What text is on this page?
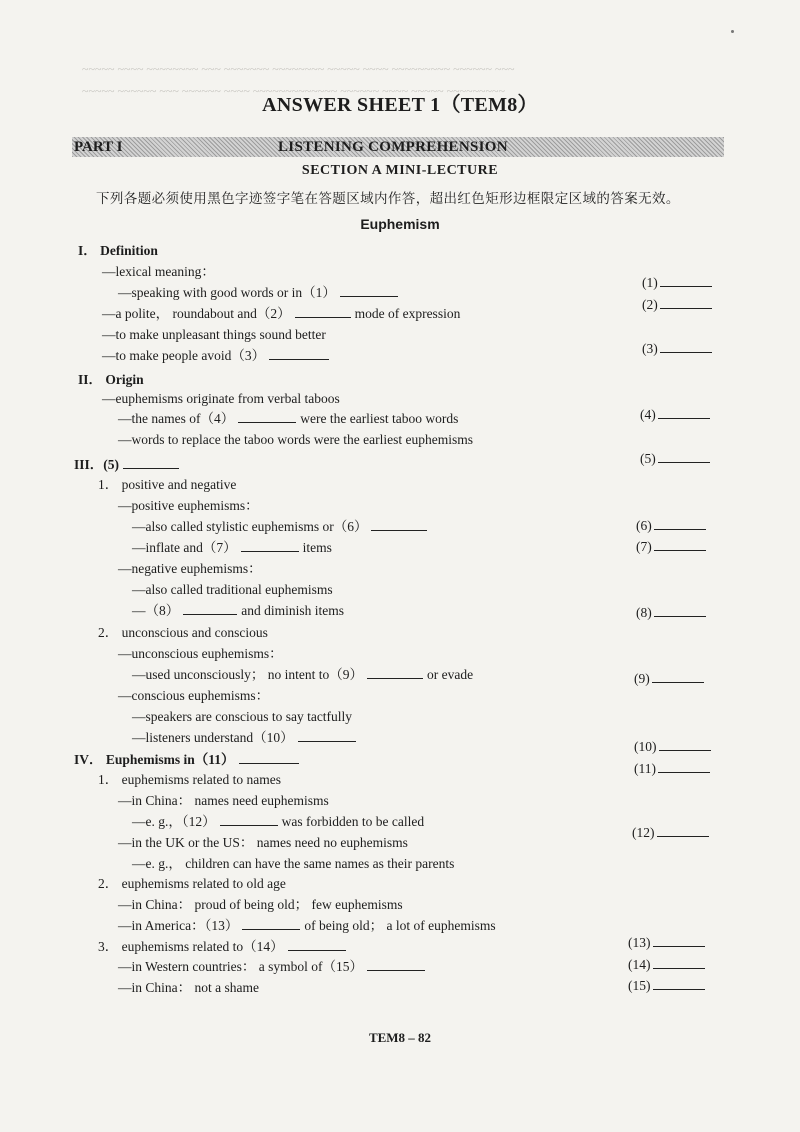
~~~~~ ~~~~ ~~~~~~~~ ~~~ ~~~~~~~ ~~~~~~~~ ~~~~~ ~~~~ ~~~~~~~~~ ~~~~~~ ~~~
~~~~~ ~~~~~~ ~~~ ~~~~~~ ~~~~ ~~~~~~~~~~~~~ ~~~~~~ ~~~~ ~~~~~ ~~~~~~~~~
ANSWER SHEET 1（TEM8）
PART I	LISTENING COMPREHENSION
SECTION A MINI-LECTURE
下列各题必须使用黑色字迹签字笔在答题区域内作答，超出红色矩形边框限定区域的答案无效。
Euphemism
I． Definition
—lexical meaning：
—speaking with good words or in（1）
—a polite， roundabout and（2）	mode of expression
—to make unpleasant things sound better
—to make people avoid（3）
II． Origin
—euphemisms originate from verbal taboos
—the names of（4）	were the earliest taboo words
—words to replace the taboo words were the earliest euphemisms
III．(5)
1． positive and negative
—positive euphemisms：
—also called stylistic euphemisms or（6）
—inflate and（7）	items
—negative euphemisms：
—also called traditional euphemisms
—（8）	and diminish items
2． unconscious and conscious
—unconscious euphemisms：
—used unconsciously； no intent to（9）	or evade
—conscious euphemisms：
—speakers are conscious to say tactfully
—listeners understand（10）
IV． Euphemisms in（11）
1． euphemisms related to names
—in China： names need euphemisms
—e. g.，（12）	was forbidden to be called
—in the UK or the US： names need no euphemisms
—e. g.， children can have the same names as their parents
2． euphemisms related to old age
—in China： proud of being old； few euphemisms
—in America：（13）	of being old； a lot of euphemisms
3． euphemisms related to（14）
—in Western countries： a symbol of（15）
—in China： not a shame
(1)
(2)
(3)
(4)
(5)
(6)
(7)
(8)
(9)
(10)
(11)
(12)
(13)
(14)
(15)
TEM8 – 82
